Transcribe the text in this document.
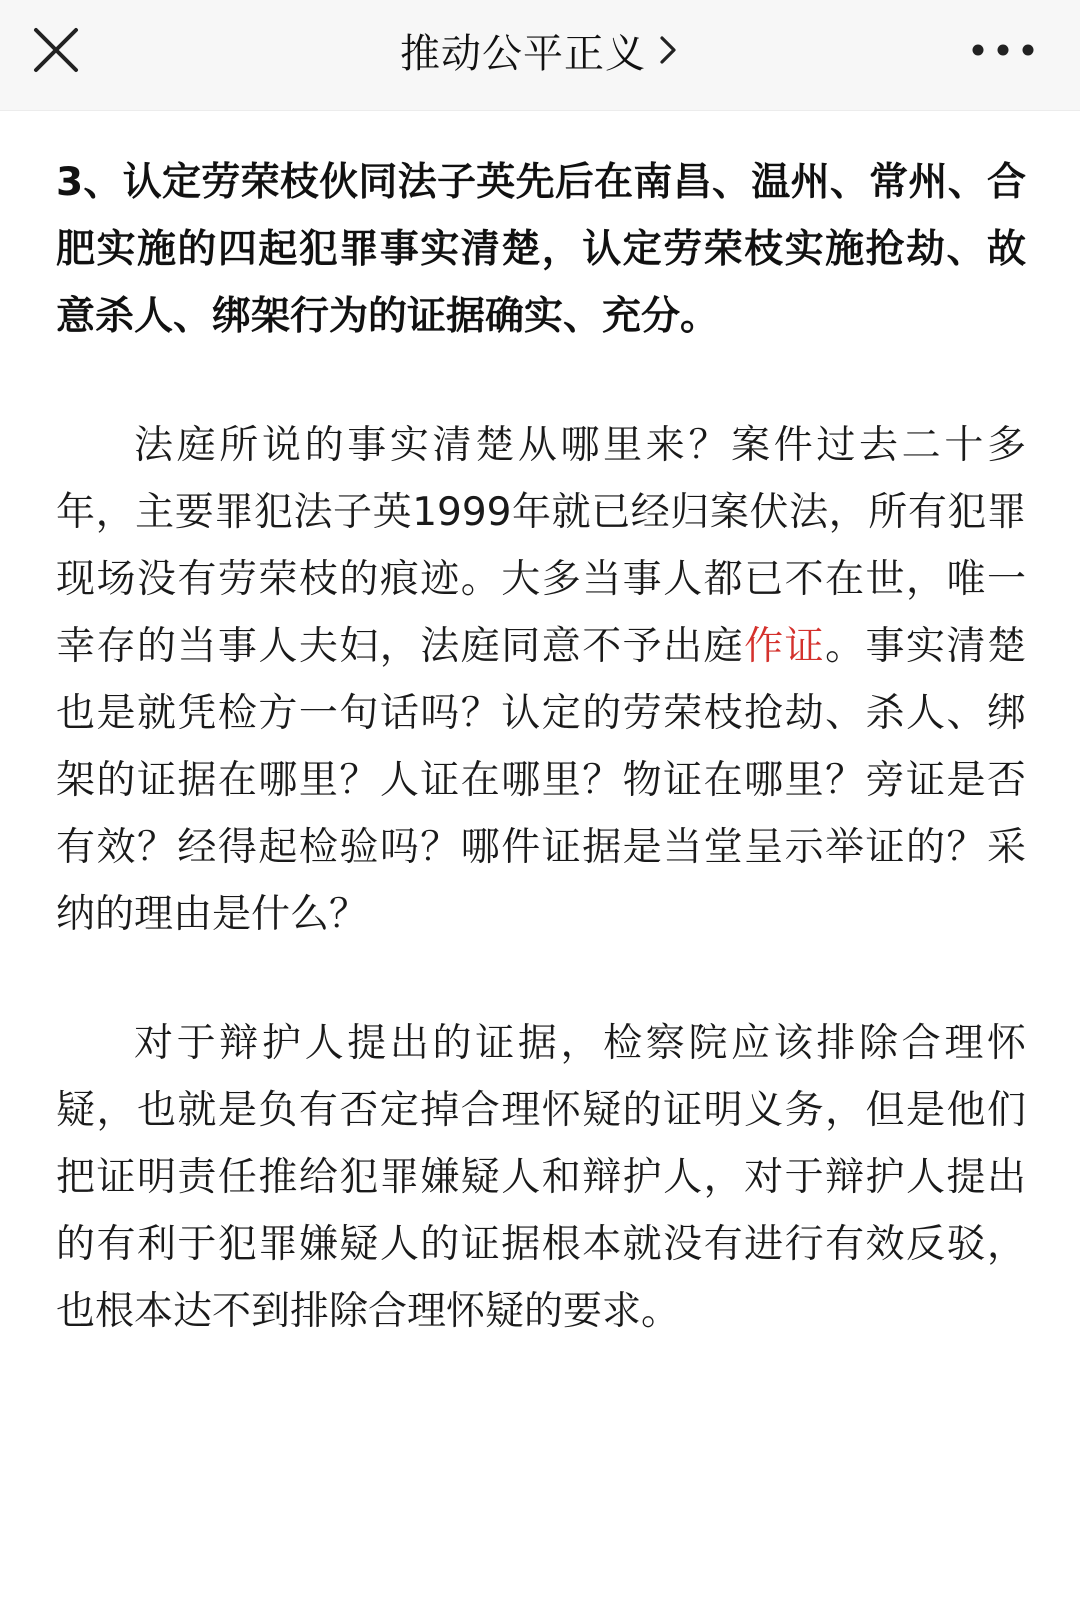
推动公平正义

3、认定劳荣枝伙同法子英先后在南昌、温州、常州、合肥实施的四起犯罪事实清楚，认定劳荣枝实施抢劫、故意杀人、绑架行为的证据确实、充分。

法庭所说的事实清楚从哪里来？案件过去二十多年，主要罪犯法子英1999年就已经归案伏法，所有犯罪现场没有劳荣枝的痕迹。大多当事人都已不在世，唯一幸存的当事人夫妇，法庭同意不予出庭作证。事实清楚也是就凭检方一句话吗？认定的劳荣枝抢劫、杀人、绑架的证据在哪里？人证在哪里？物证在哪里？旁证是否有效？经得起检验吗？哪件证据是当堂呈示举证的？采纳的理由是什么？

对于辩护人提出的证据，检察院应该排除合理怀疑，也就是负有否定掉合理怀疑的证明义务，但是他们把证明责任推给犯罪嫌疑人和辩护人，对于辩护人提出的有利于犯罪嫌疑人的证据根本就没有进行有效反驳，也根本达不到排除合理怀疑的要求。
